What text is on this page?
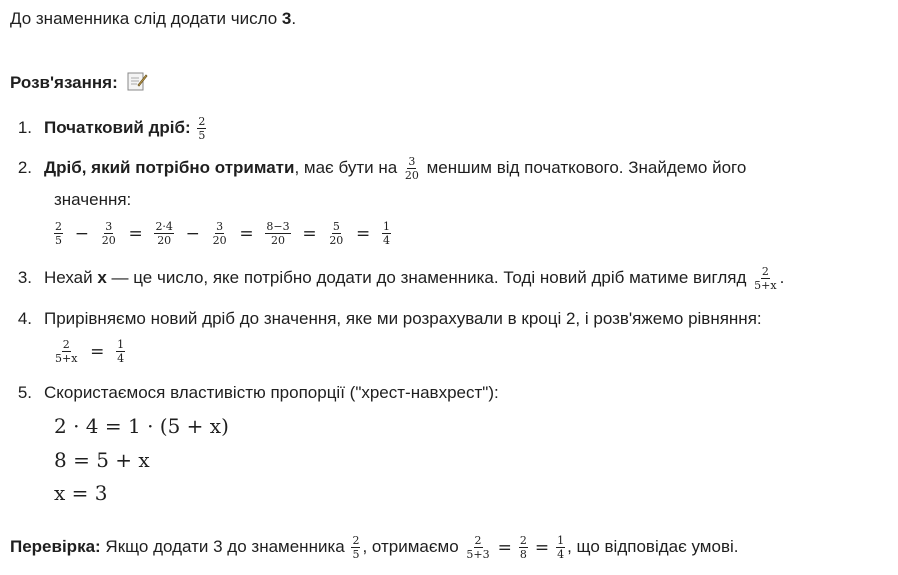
До знаменника слід додати число 3.
Розв'язання:
1. Початковий дріб: $\frac{2}{5}$
2. Дріб, який потрібно отримати, має бути на $\frac{3}{20}$ меншим від початкового. Знайдемо його
значення:
$\frac{2}{5} - \frac{3}{20} = \frac{2\cdot 4}{20} - \frac{3}{20} = \frac{8-3}{20} = \frac{5}{20} = \frac{1}{4}$
3. Нехай x — це число, яке потрібно додати до знаменника. Тоді новий дріб матиме вигляд $\frac{2}{5+x}$ .
4. Прирівняємо новий дріб до значення, яке ми розрахували в кроці 2, і розв'яжемо рівняння:
$\frac{2}{5+x} = \frac{1}{4}$
5. Скористаємося властивістю пропорції ("хрест-навхрест"):
2 · 4 = 1 · (5 + x)
8 = 5 + x
x = 3
Перевірка: Якщо додати 3 до знаменника $\frac{2}{5}$ , отримаємо $\frac{2}{5+3} = \frac{2}{8} = \frac{1}{4}$ , що відповідає умові.
